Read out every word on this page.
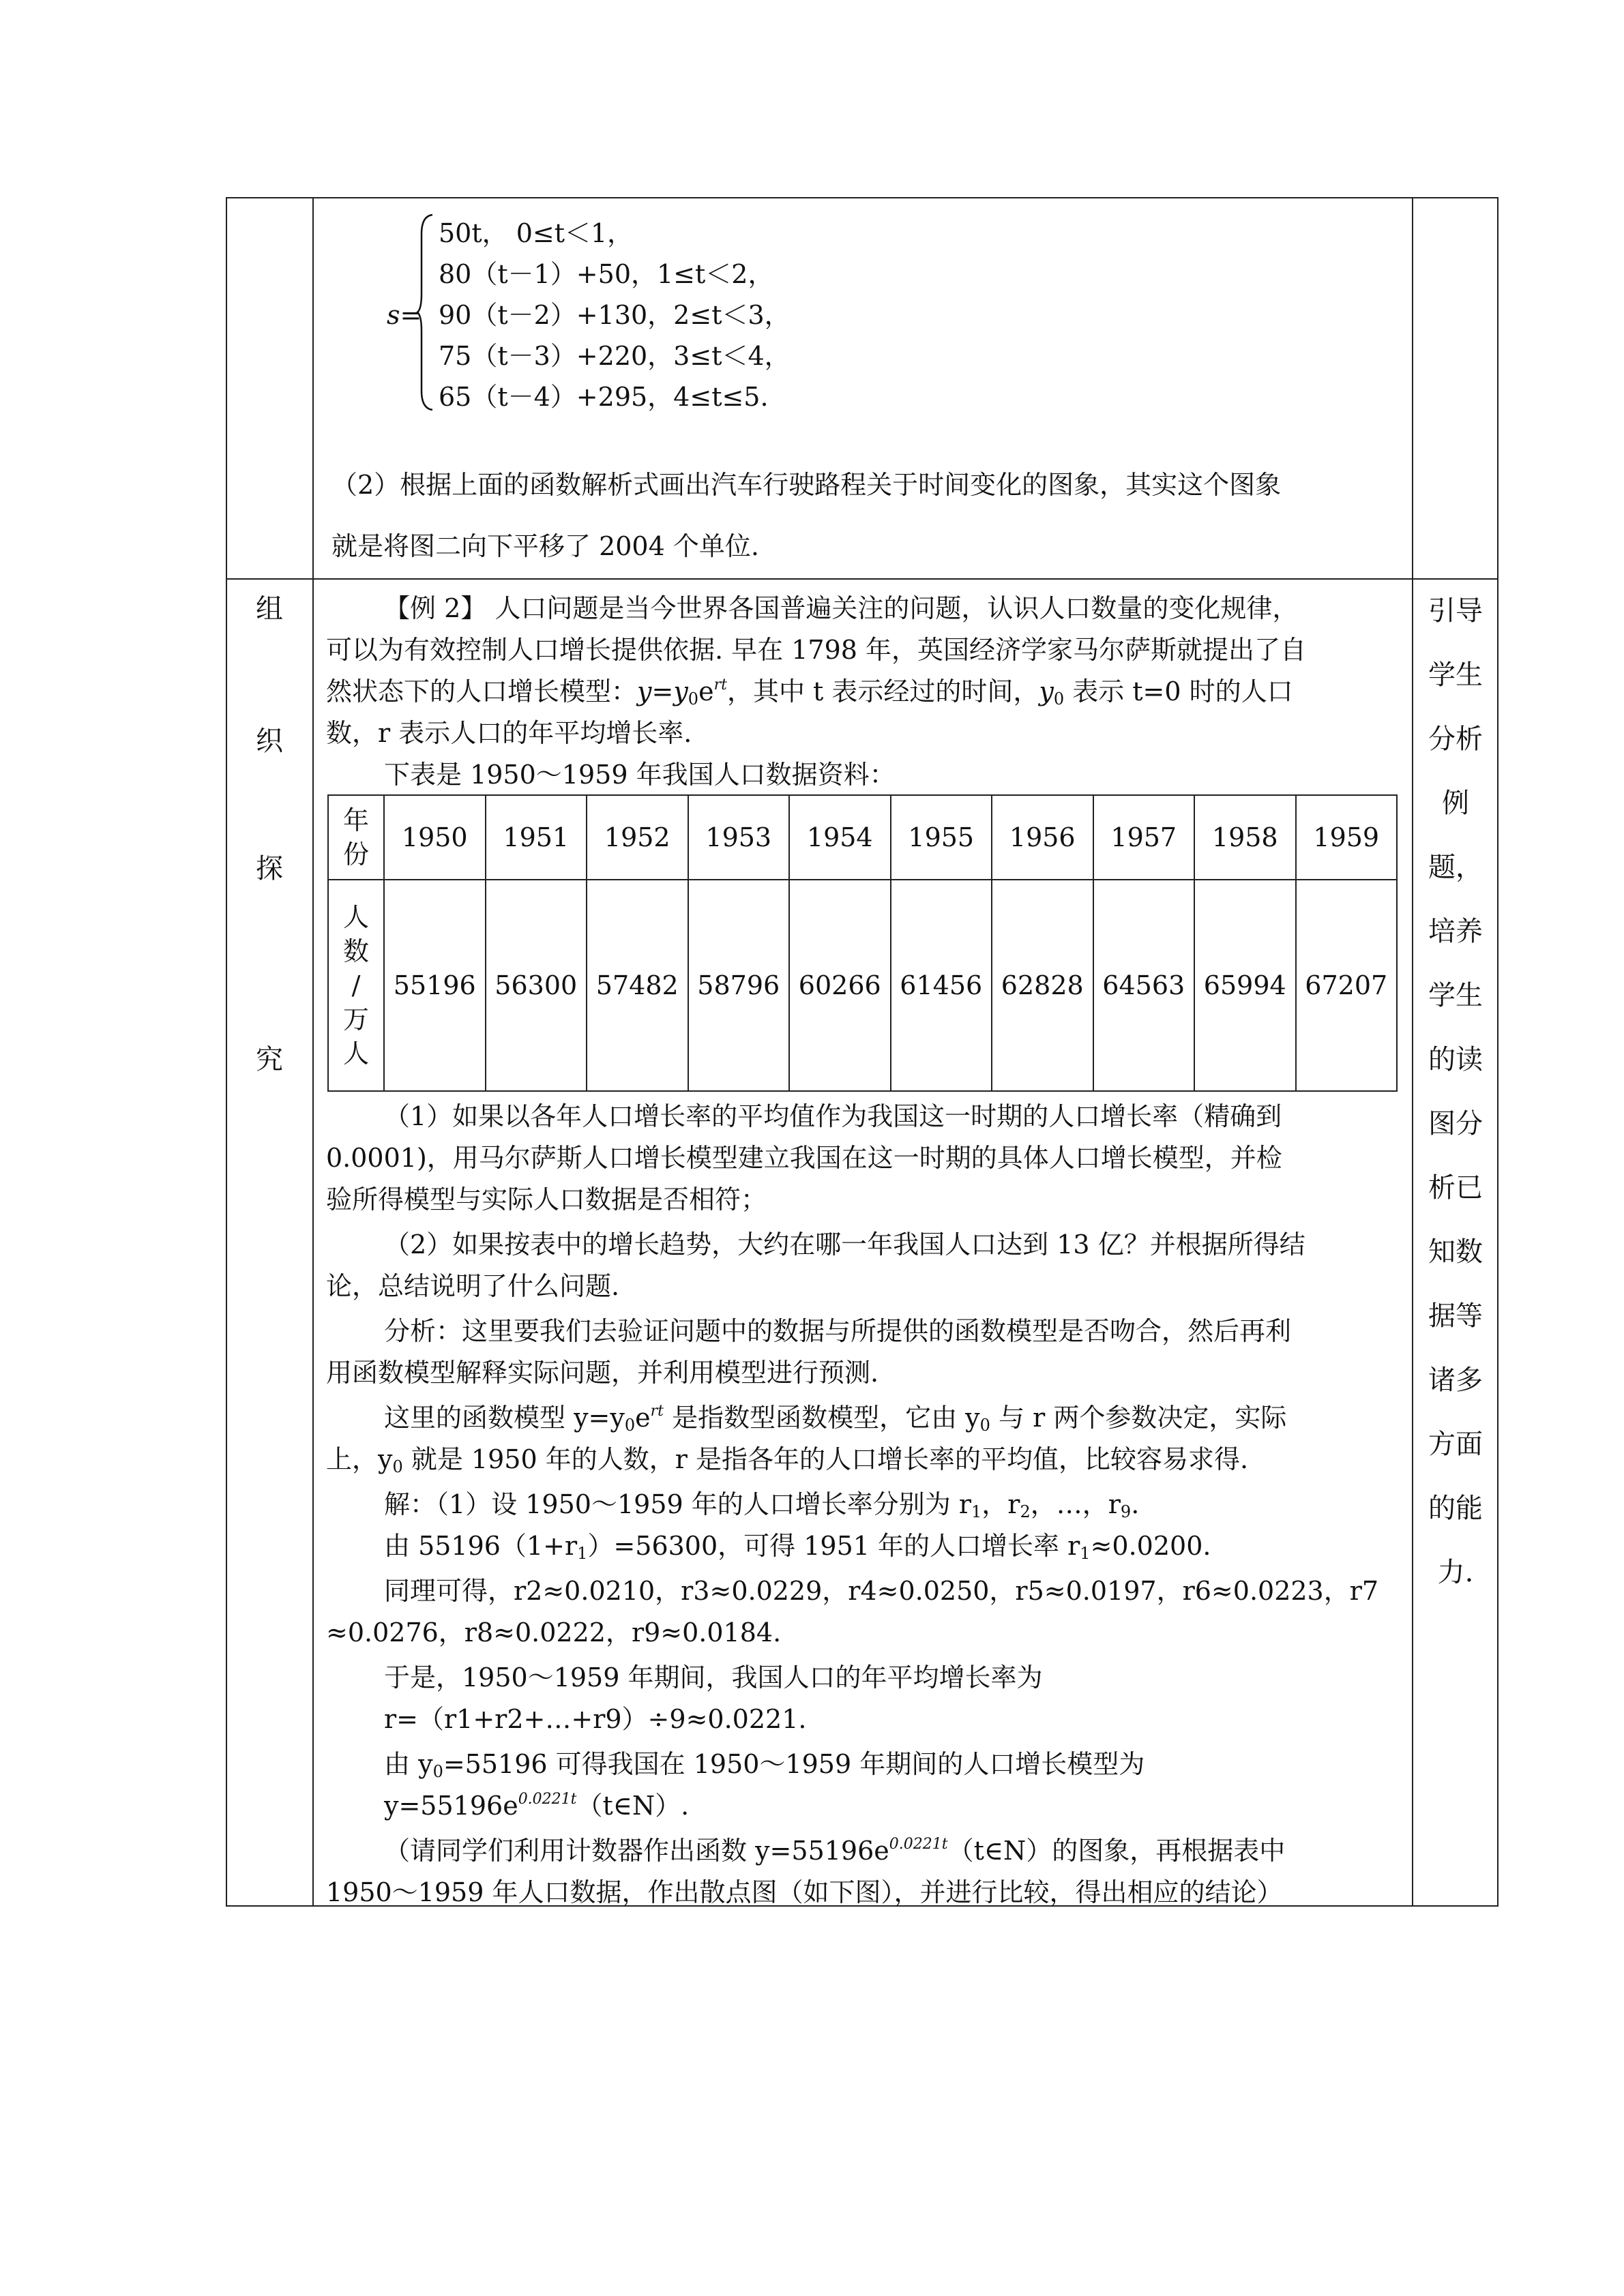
s=
50t， 0≤t＜1，
80（t－1）+50，1≤t＜2，
90（t－2）+130，2≤t＜3，
75（t－3）+220，3≤t＜4，
65（t－4）+295，4≤t≤5.
（2）根据上面的函数解析式画出汽车行驶路程关于时间变化的图象，其实这个图象
就是将图二向下平移了 2004 个单位.
组
织
探
究
引导
学生
分析
例
题，
培养
学生
的读
图分
析已
知数
据等
诸多
方面
的能
力.
【例 2】 人口问题是当今世界各国普遍关注的问题，认识人口数量的变化规律，
可以为有效控制人口增长提供依据. 早在 1798 年，英国经济学家马尔萨斯就提出了自
然状态下的人口增长模型：$y=y_0e^{rt}$，其中 t 表示经过的时间，$y_0$ 表示 t=0 时的人口
数，r 表示人口的年平均增长率.
下表是 1950～1959 年我国人口数据资料：
年
份	1950	1951	1952	1953	1954	1955	1956	1957	1958	1959
人
数
/
万
人	55196	56300	57482	58796	60266	61456	62828	64563	65994	67207
（1）如果以各年人口增长率的平均值作为我国这一时期的人口增长率（精确到
0.0001)，用马尔萨斯人口增长模型建立我国在这一时期的具体人口增长模型，并检
验所得模型与实际人口数据是否相符；
（2）如果按表中的增长趋势，大约在哪一年我国人口达到 13 亿？并根据所得结
论，总结说明了什么问题.
分析：这里要我们去验证问题中的数据与所提供的函数模型是否吻合，然后再利
用函数模型解释实际问题，并利用模型进行预测.
这里的函数模型 $y=y_0e^{rt}$ 是指数型函数模型，它由 $y_0$ 与 r 两个参数决定，实际
上，$y_0$ 就是 1950 年的人数，r 是指各年的人口增长率的平均值，比较容易求得.
解：（1）设 1950～1959 年的人口增长率分别为 $r_1$，$r_2$，…，$r_9$.
由 $55196(1+r_1)=56300$，可得 1951 年的人口增长率 $r_1\approx 0.0200$.
同理可得，r2≈0.0210，r3≈0.0229，r4≈0.0250，r5≈0.0197，r6≈0.0223，r7
≈0.0276，r8≈0.0222，r9≈0.0184.
于是，1950～1959 年期间，我国人口的年平均增长率为
r=（r1+r2+…+r9）÷9≈0.0221.
由 $y_0=55196$ 可得我国在 1950～1959 年期间的人口增长模型为
$y=55196e^{0.0221t}(t\in N)$.
（请同学们利用计数器作出函数 $y=55196e^{0.0221t}(t\in N)$的图象，再根据表中
1950～1959 年人口数据，作出散点图（如下图），并进行比较，得出相应的结论）
